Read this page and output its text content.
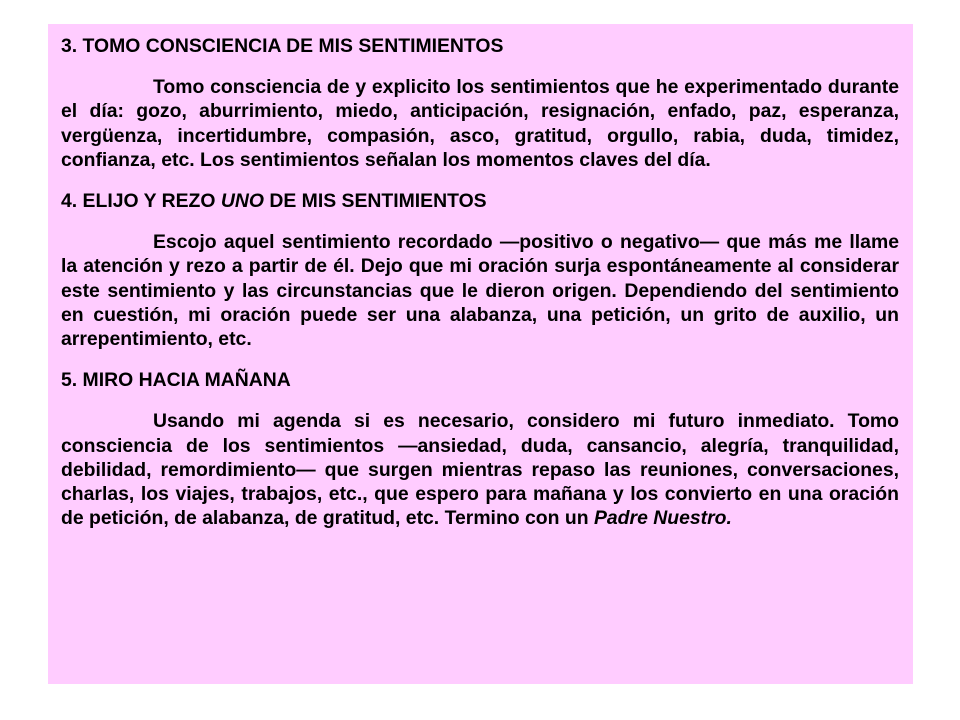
3. TOMO CONSCIENCIA DE MIS SENTIMIENTOS
Tomo consciencia de y explicito los sentimientos que he experimentado durante el día: gozo, aburrimiento, miedo, anticipación, resignación, enfado, paz, esperanza, vergüenza, incertidumbre, compasión, asco, gratitud, orgullo, rabia, duda, timidez, confianza, etc. Los sentimientos señalan los momentos claves del día.
4. ELIJO Y REZO UNO DE MIS SENTIMIENTOS
Escojo aquel sentimiento recordado —positivo o negativo— que más me llame la atención y rezo a partir de él. Dejo que mi oración surja espontáneamente al considerar este sentimiento y las circunstancias que le dieron origen. Dependiendo del sentimiento en cuestión, mi oración puede ser una alabanza, una petición, un grito de auxilio, un arrepentimiento, etc.
5. MIRO HACIA MAÑANA
Usando mi agenda si es necesario, considero mi futuro inmediato. Tomo consciencia de los sentimientos —ansiedad, duda, cansancio, alegría, tranquilidad, debilidad, remordimiento— que surgen mientras repaso las reuniones, conversaciones, charlas, los viajes, trabajos, etc., que espero para mañana y los convierto en una oración de petición, de alabanza, de gratitud, etc. Termino con un Padre Nuestro.
